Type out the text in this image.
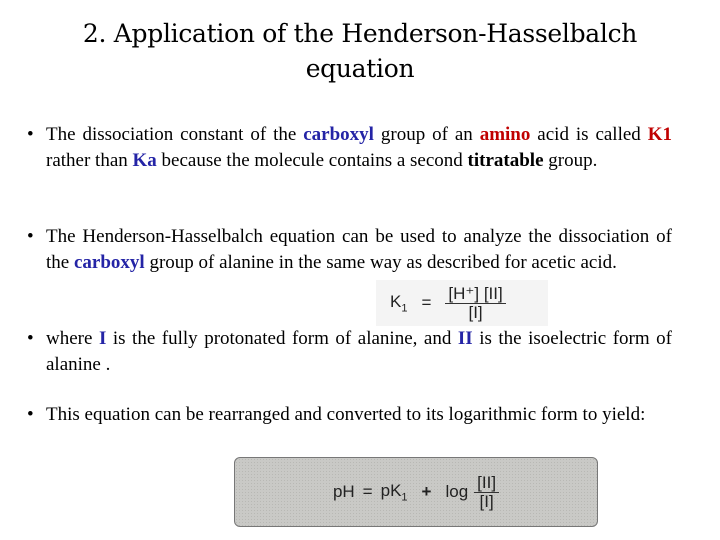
2. Application of the Henderson-Hasselbalch
equation
• The dissociation constant of the carboxyl group of an amino acid is called K1 rather than Ka because the molecule contains a second titratable group.
• The Henderson-Hasselbalch equation can be used to analyze the dissociation of the carboxyl group of alanine in the same way as described for acetic acid.
• where I is the fully protonated form of alanine, and II is the isoelectric form of alanine .
• This equation can be rearranged and converted to its logarithmic form to yield:
$K_1 = \frac{[H^+] [II]}{[I]}$
pH = $pK_1 + \log \frac{[II]}{[I]}$
